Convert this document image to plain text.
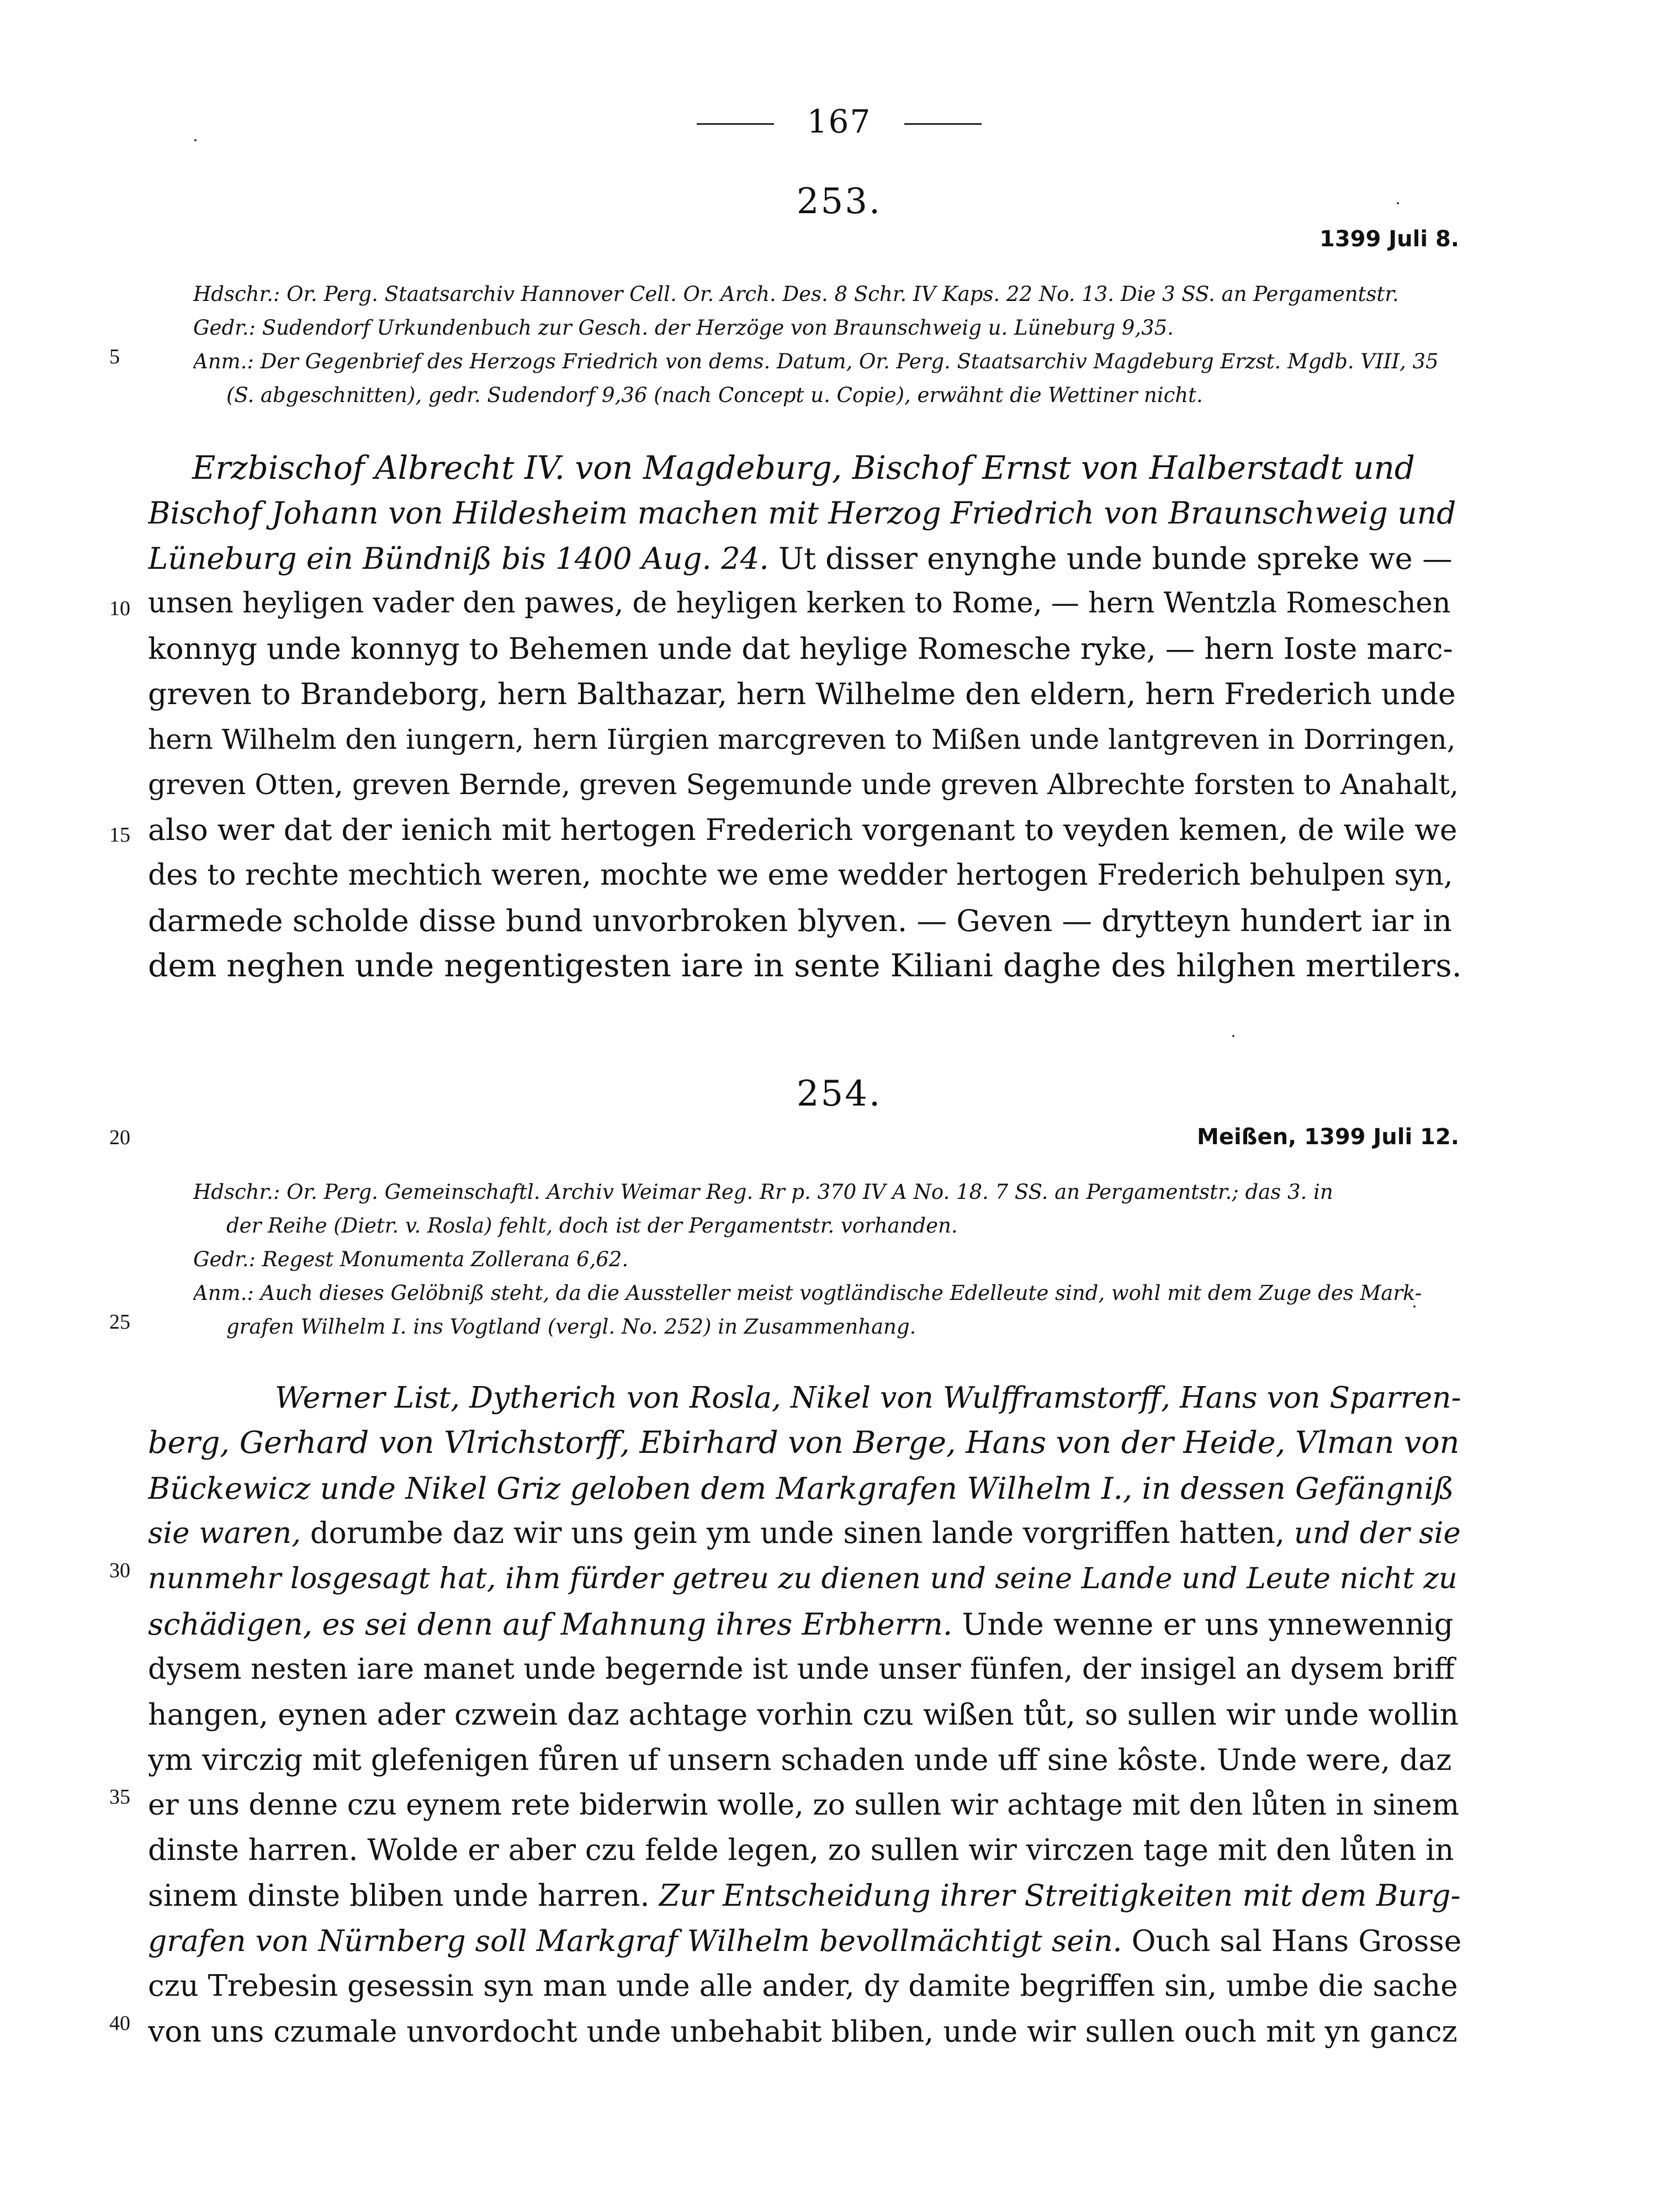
167
253.
1399 Juli 8.
Hdschr.: Or. Perg. Staatsarchiv Hannover Cell. Or. Arch. Des. 8 Schr. IV Kaps. 22 No. 13. Die 3 SS. an Pergamentstr.
Gedr.: Sudendorf Urkundenbuch zur Gesch. der Herzöge von Braunschweig u. Lüneburg 9,35.
Anm.: Der Gegenbrief des Herzogs Friedrich von dems. Datum, Or. Perg. Staatsarchiv Magdeburg Erzst. Mgdb. VIII, 35
(S. abgeschnitten), gedr. Sudendorf 9,36 (nach Concept u. Copie), erwähnt die Wettiner nicht.
Erzbischof Albrecht IV. von Magdeburg, Bischof Ernst von Halberstadt und
Bischof Johann von Hildesheim machen mit Herzog Friedrich von Braunschweig und
Lüneburg ein Bündniß bis 1400 Aug. 24. Ut disser enynghe unde bunde spreke we —
unsen heyligen vader den pawes, de heyligen kerken to Rome, — hern Wentzla Romeschen
konnyg unde konnyg to Behemen unde dat heylige Romesche ryke, — hern Ioste marc-
greven to Brandeborg, hern Balthazar, hern Wilhelme den eldern, hern Frederich unde
hern Wilhelm den iungern, hern Iürgien marcgreven to Mißen unde lantgreven in Dorringen,
greven Otten, greven Bernde, greven Segemunde unde greven Albrechte forsten to Anahalt,
also wer dat der ienich mit hertogen Frederich vorgenant to veyden kemen, de wile we
des to rechte mechtich weren, mochte we eme wedder hertogen Frederich behulpen syn,
darmede scholde disse bund unvorbroken blyven. — Geven — drytteyn hundert iar in
dem neghen unde negentigesten iare in sente Kiliani daghe des hilghen mertilers.
254.
Meißen, 1399 Juli 12.
Hdschr.: Or. Perg. Gemeinschaftl. Archiv Weimar Reg. Rr p. 370 IV A No. 18. 7 SS. an Pergamentstr.; das 3. in
der Reihe (Dietr. v. Rosla) fehlt, doch ist der Pergamentstr. vorhanden.
Gedr.: Regest Monumenta Zollerana 6,62.
Anm.: Auch dieses Gelöbniß steht, da die Aussteller meist vogtländische Edelleute sind, wohl mit dem Zuge des Mark-
grafen Wilhelm I. ins Vogtland (vergl. No. 252) in Zusammenhang.
Werner List, Dytherich von Rosla, Nikel von Wulfframstorff, Hans von Sparren-
berg, Gerhard von Vlrichstorff, Ebirhard von Berge, Hans von der Heide, Vlman von
Bückewicz unde Nikel Griz geloben dem Markgrafen Wilhelm I., in dessen Gefängniß
sie waren, dorumbe daz wir uns gein ym unde sinen lande vorgriffen hatten, und der sie
nunmehr losgesagt hat, ihm fürder getreu zu dienen und seine Lande und Leute nicht zu
schädigen, es sei denn auf Mahnung ihres Erbherrn. Unde wenne er uns ynnewennig
dysem nesten iare manet unde begernde ist unde unser fünfen, der insigel an dysem briff
hangen, eynen ader czwein daz achtage vorhin czu wißen tůt, so sullen wir unde wollin
ym virczig mit glefenigen fůren uf unsern schaden unde uff sine kôste. Unde were, daz
er uns denne czu eynem rete biderwin wolle, zo sullen wir achtage mit den lůten in sinem
dinste harren. Wolde er aber czu felde legen, zo sullen wir virczen tage mit den lůten in
sinem dinste bliben unde harren. Zur Entscheidung ihrer Streitigkeiten mit dem Burg-
grafen von Nürnberg soll Markgraf Wilhelm bevollmächtigt sein. Ouch sal Hans Grosse
czu Trebesin gesessin syn man unde alle ander, dy damite begriffen sin, umbe die sache
von uns czumale unvordocht unde unbehabit bliben, unde wir sullen ouch mit yn gancz
5
10
15
20
25
30
35
40
